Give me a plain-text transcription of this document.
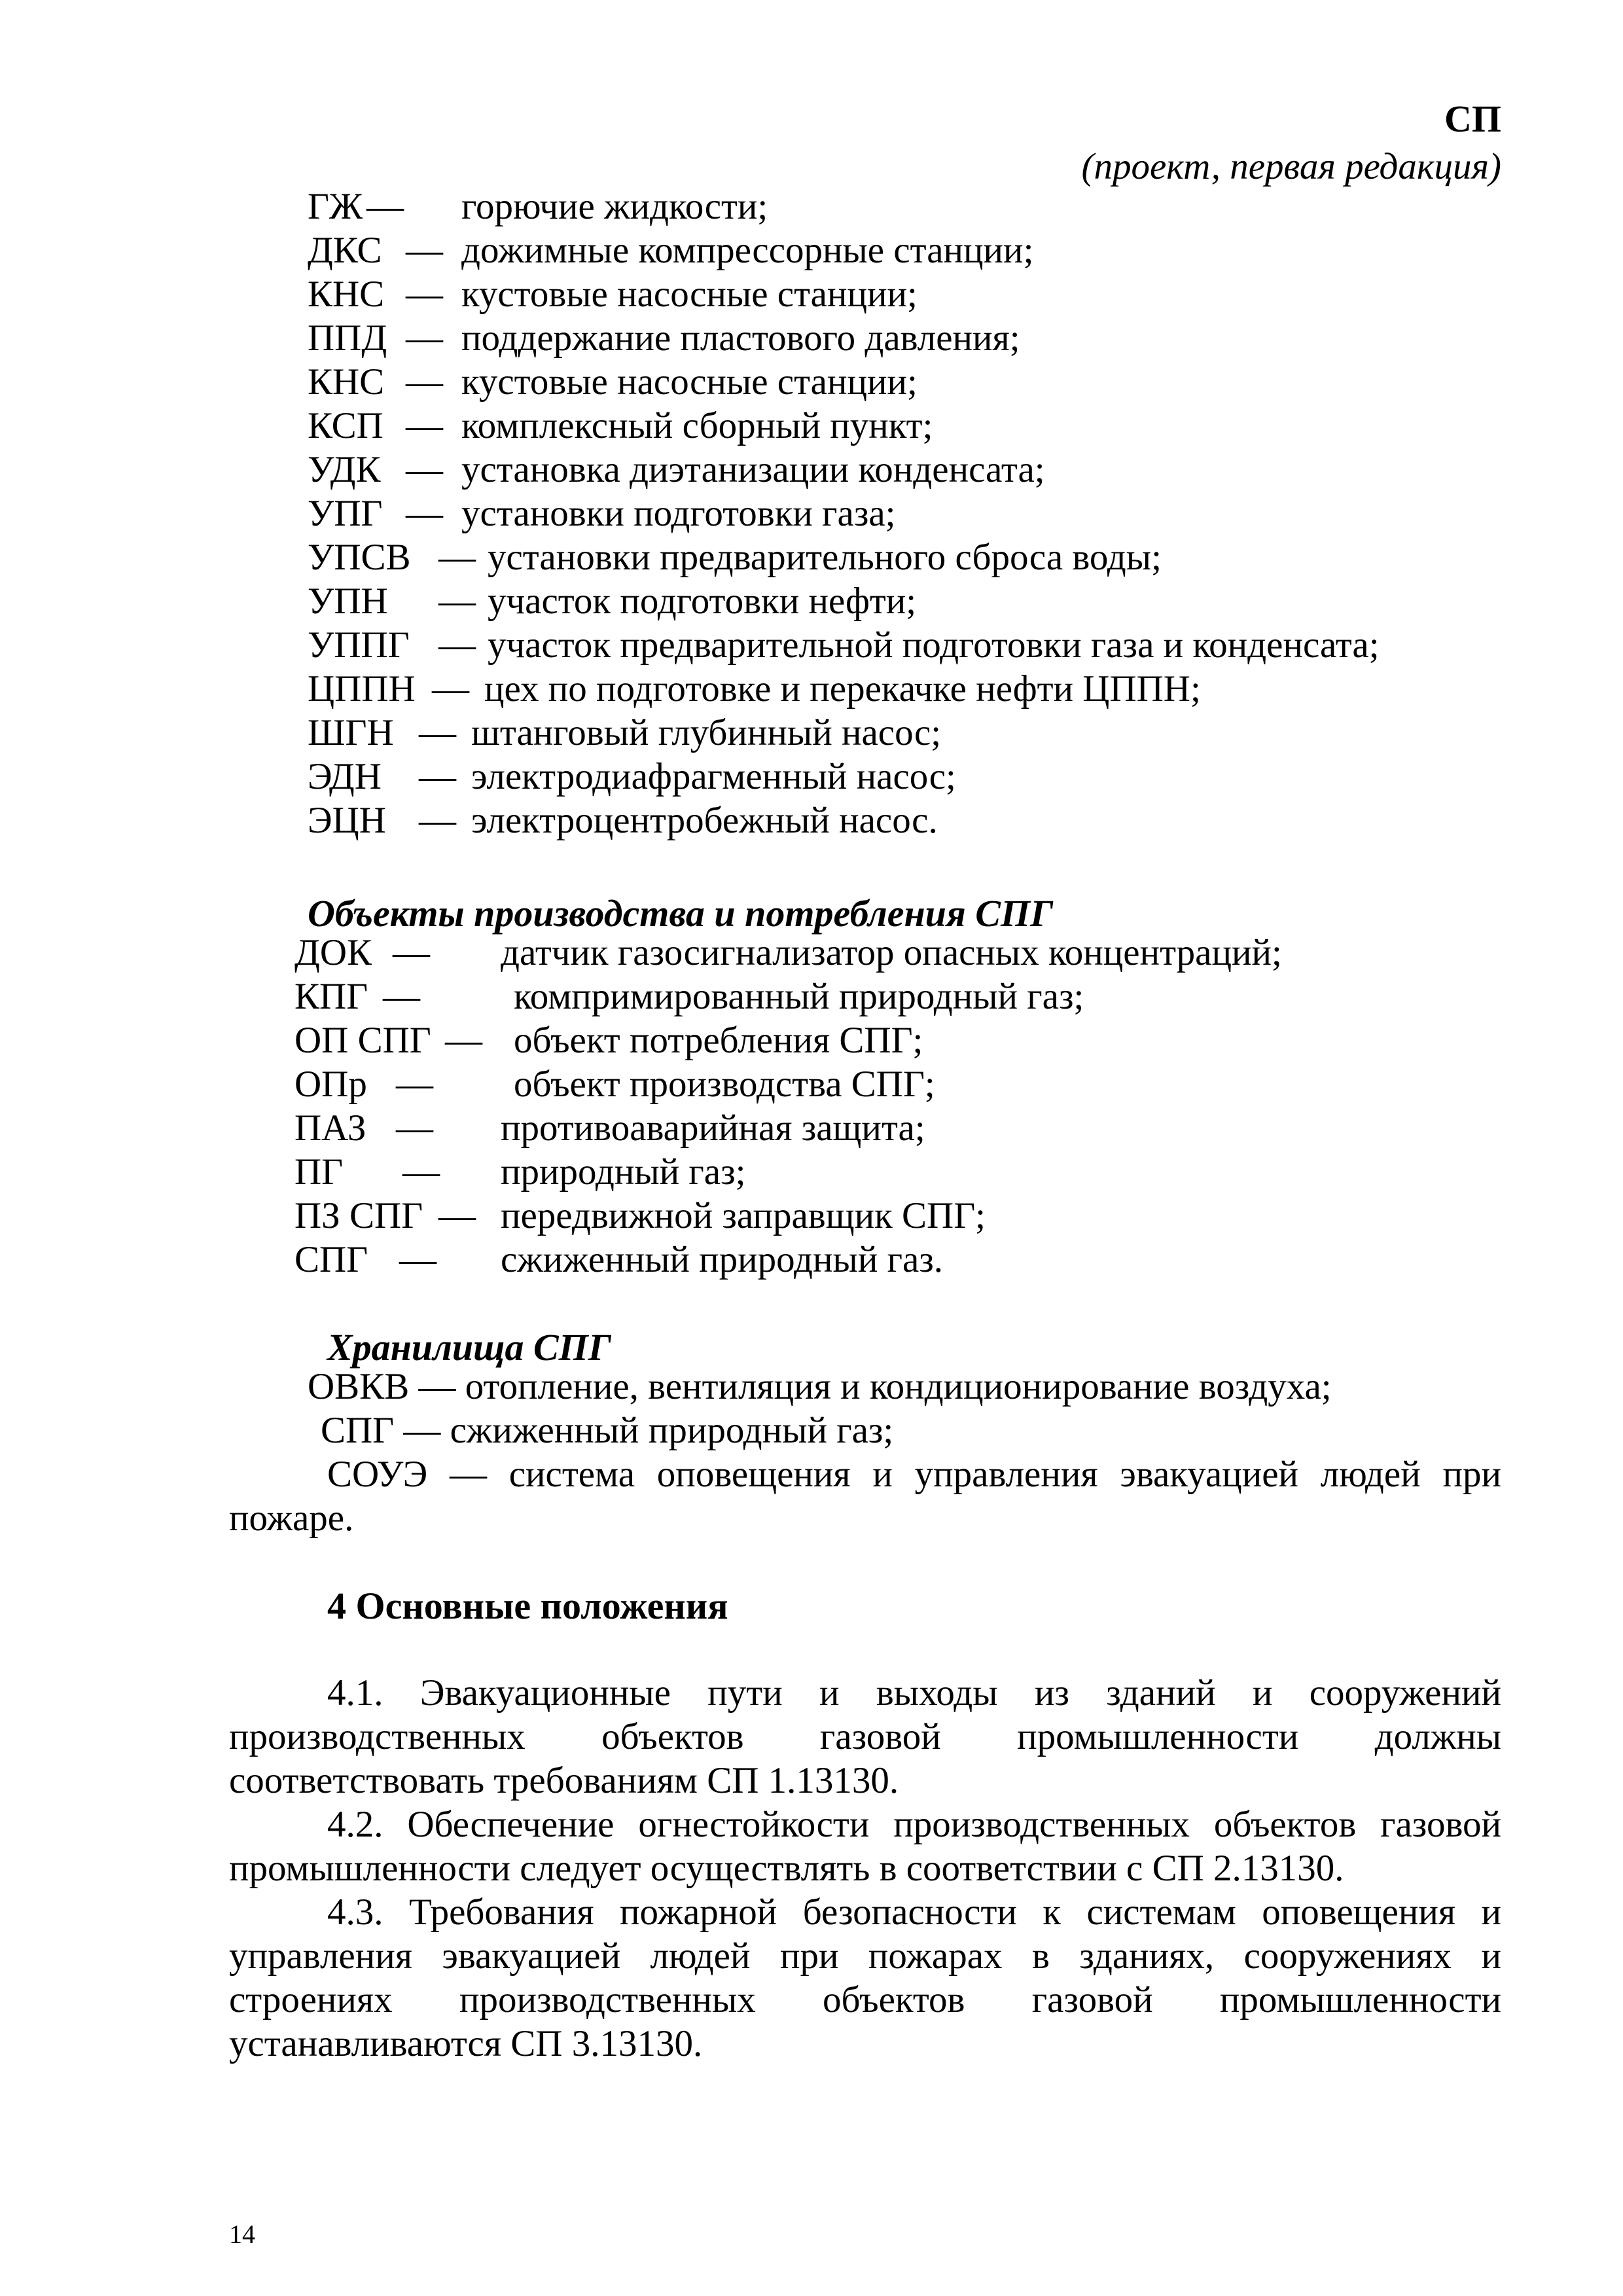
СП
(проект, первая редакция)
ГЖ — горючие жидкости;
ДКС — дожимные компрессорные станции;
КНС — кустовые насосные станции;
ППД — поддержание пластового давления;
КНС — кустовые насосные станции;
КСП — комплексный сборный пункт;
УДК — установка диэтанизации конденсата;
УПГ — установки подготовки газа;
УПСВ — установки предварительного сброса воды;
УПН — участок подготовки нефти;
УППГ — участок предварительной подготовки газа и конденсата;
ЦППН — цех по подготовке и перекачке нефти ЦППН;
ШГН — штанговый глубинный насос;
ЭДН — электродиафрагменный насос;
ЭЦН — электроцентробежный насос.
Объекты производства и потребления СПГ
ДОК — датчик газосигнализатор опасных концентраций;
КПГ —	компримированный природный газ;
ОП СПГ — объект потребления СПГ;
ОПр — объект производства СПГ;
ПАЗ — противоаварийная защита;
ПГ — природный газ;
ПЗ СПГ — передвижной заправщик СПГ;
СПГ — сжиженный природный газ.
Хранилища СПГ
ОВКВ — отопление, вентиляция и кондиционирование воздуха;
СПГ — сжиженный природный газ;
СОУЭ — система оповещения и управления эвакуацией людей при
пожаре.
4 Основные положения
4.1. Эвакуационные пути и выходы из зданий и сооружений
производственных объектов газовой промышленности должны
соответствовать требованиям СП 1.13130.
4.2. Обеспечение огнестойкости производственных объектов газовой
промышленности следует осуществлять в соответствии с СП 2.13130.
4.3. Требования пожарной безопасности к системам оповещения и
управления эвакуацией людей при пожарах в зданиях, сооружениях и
строениях производственных объектов газовой промышленности
устанавливаются СП 3.13130.
14
